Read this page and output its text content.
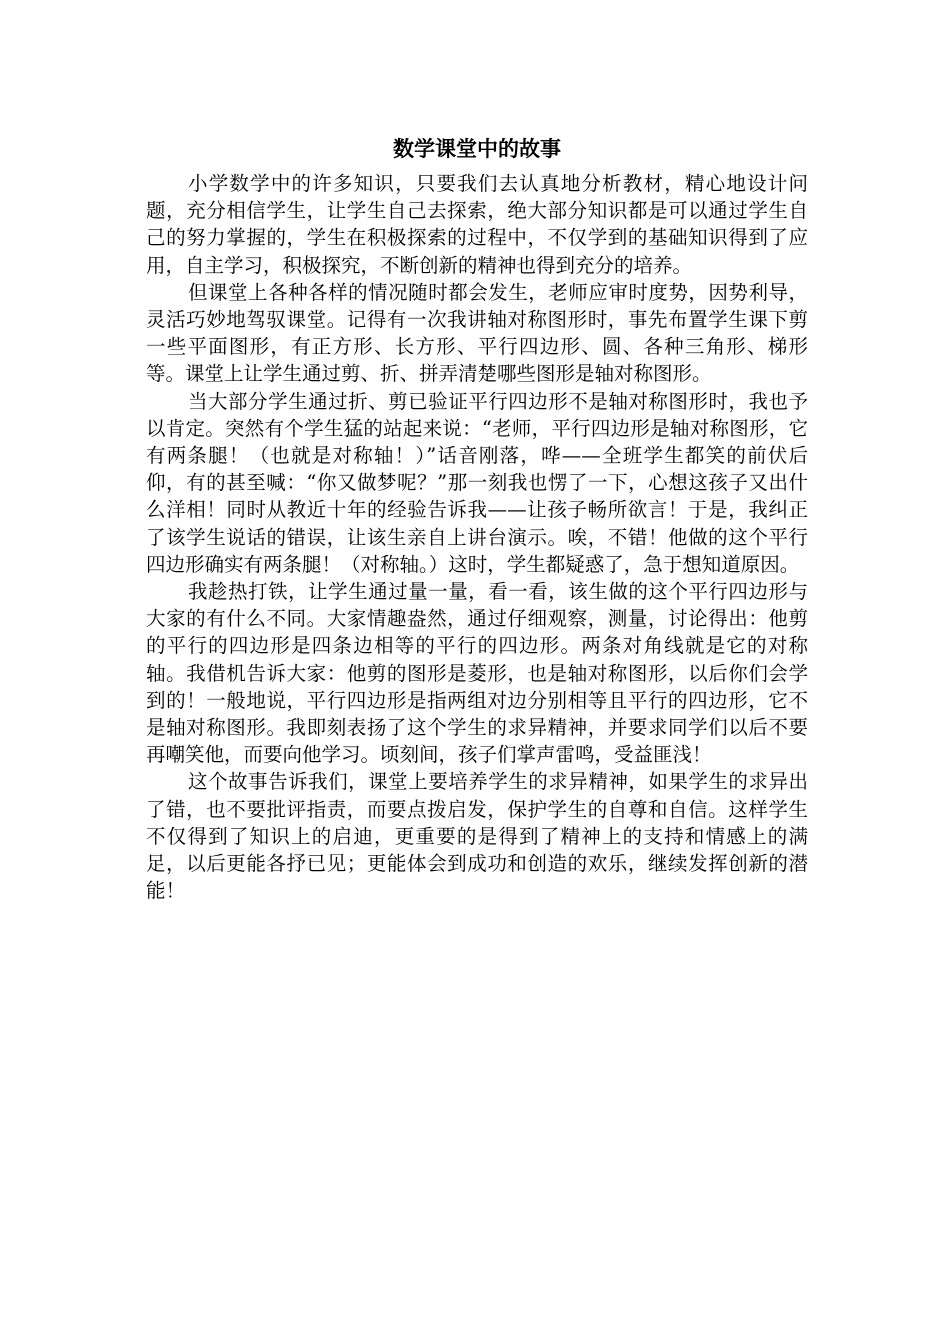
数学课堂中的故事

小学数学中的许多知识，只要我们去认真地分析教材，精心地设计问题，充分相信学生，让学生自己去探索，绝大部分知识都是可以通过学生自己的努力掌握的，学生在积极探索的过程中，不仅学到的基础知识得到了应用，自主学习，积极探究，不断创新的精神也得到充分的培养。

但课堂上各种各样的情况随时都会发生，老师应审时度势，因势利导，灵活巧妙地驾驭课堂。记得有一次我讲轴对称图形时，事先布置学生课下剪一些平面图形，有正方形、长方形、平行四边形、圆、各种三角形、梯形等。课堂上让学生通过剪、折、拼弄清楚哪些图形是轴对称图形。

当大部分学生通过折、剪已验证平行四边形不是轴对称图形时，我也予以肯定。突然有个学生猛的站起来说：“老师，平行四边形是轴对称图形，它有两条腿！（也就是对称轴！）”话音刚落，哗——全班学生都笑的前伏后仰，有的甚至喊：“你又做梦呢？”那一刻我也愣了一下，心想这孩子又出什么洋相！同时从教近十年的经验告诉我——让孩子畅所欲言！于是，我纠正了该学生说话的错误，让该生亲自上讲台演示。唉，不错！他做的这个平行四边形确实有两条腿！（对称轴。）这时，学生都疑惑了，急于想知道原因。

我趁热打铁，让学生通过量一量，看一看，该生做的这个平行四边形与大家的有什么不同。大家情趣盎然，通过仔细观察，测量，讨论得出：他剪的平行的四边形是四条边相等的平行的四边形。两条对角线就是它的对称轴。我借机告诉大家：他剪的图形是菱形，也是轴对称图形，以后你们会学到的！一般地说，平行四边形是指两组对边分别相等且平行的四边形，它不是轴对称图形。我即刻表扬了这个学生的求异精神，并要求同学们以后不要再嘲笑他，而要向他学习。顷刻间，孩子们掌声雷鸣，受益匪浅！

这个故事告诉我们，课堂上要培养学生的求异精神，如果学生的求异出了错，也不要批评指责，而要点拨启发，保护学生的自尊和自信。这样学生不仅得到了知识上的启迪，更重要的是得到了精神上的支持和情感上的满足，以后更能各抒已见；更能体会到成功和创造的欢乐，继续发挥创新的潜能！
